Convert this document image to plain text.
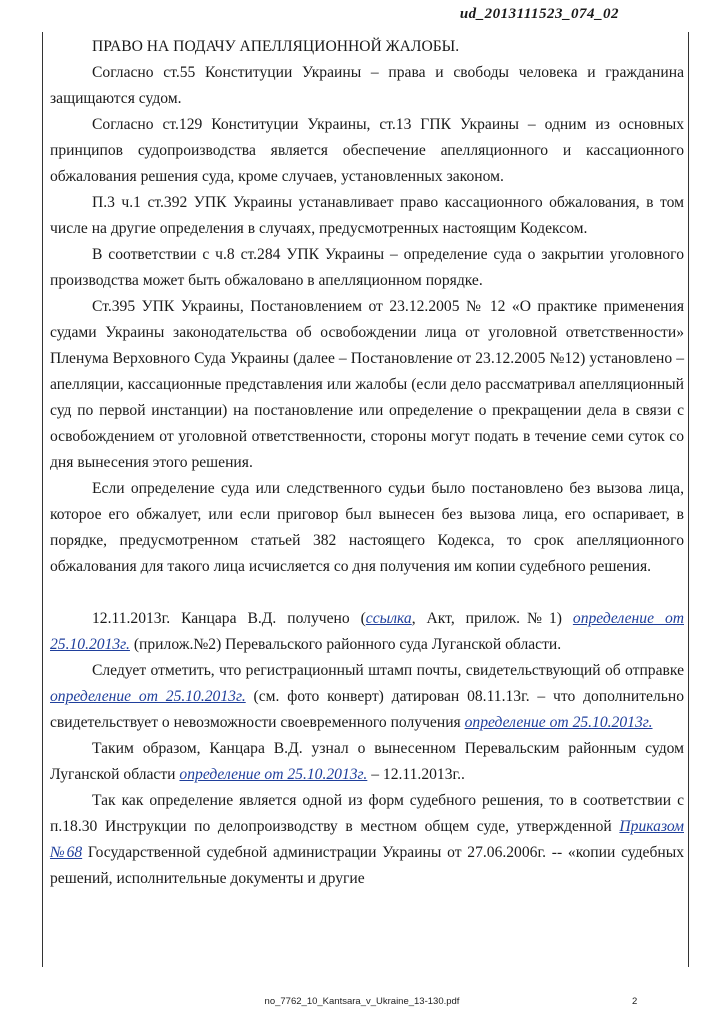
ud_2013111523_074_02

ПРАВО НА ПОДАЧУ АПЕЛЛЯЦИОННОЙ ЖАЛОБЫ.

Согласно ст.55 Конституции Украины – права и свободы человека и гражданина защищаются судом.

Согласно ст.129 Конституции Украины, ст.13 ГПК Украины – одним из основных принципов судопроизводства является обеспечение апелляционного и кассационного обжалования решения суда, кроме случаев, установленных законом.

П.3 ч.1 ст.392 УПК Украины устанавливает право кассационного обжалования, в том числе на другие определения в случаях, предусмотренных настоящим Кодексом.

В соответствии с ч.8 ст.284 УПК Украины – определение суда о закрытии уголовного производства может быть обжаловано в апелляционном порядке.

Ст.395 УПК Украины, Постановлением от 23.12.2005 № 12 «О практике применения судами Украины законодательства об освобождении лица от уголовной ответственности» Пленума Верховного Суда Украины (далее – Постановление от 23.12.2005 №12) установлено – апелляции, кассационные представления или жалобы (если дело рассматривал апелляционный суд по первой инстанции) на постановление или определение о прекращении дела в связи с освобождением от уголовной ответственности, стороны могут подать в течение семи суток со дня вынесения этого решения.

Если определение суда или следственного судьи было постановлено без вызова лица, которое его обжалует, или если приговор был вынесен без вызова лица, его оспаривает, в порядке, предусмотренном статьей 382 настоящего Кодекса, то срок апелляционного обжалования для такого лица исчисляется со дня получения им копии судебного решения.

12.11.2013г. Канцара В.Д. получено (ссылка, Акт, прилож.№1) определение от 25.10.2013г. (прилож.№2) Перевальского районного суда Луганской области.

Следует отметить, что регистрационный штамп почты, свидетельствующий об отправке определение от 25.10.2013г. (см. фото конверт) датирован 08.11.13г. – что дополнительно свидетельствует о невозможности своевременного получения определение от 25.10.2013г.

Таким образом, Канцара В.Д. узнал о вынесенном Перевальским районным судом Луганской области определение от 25.10.2013г. – 12.11.2013г..

Так как определение является одной из форм судебного решения, то в соответствии с п.18.30 Инструкции по делопроизводству в местном общем суде, утвержденной Приказом №68 Государственной судебной администрации Украины от 27.06.2006г. -- «копии судебных решений, исполнительные документы и другие

no_7762_10_Kantsara_v_Ukraine_13-130.pdf	2
